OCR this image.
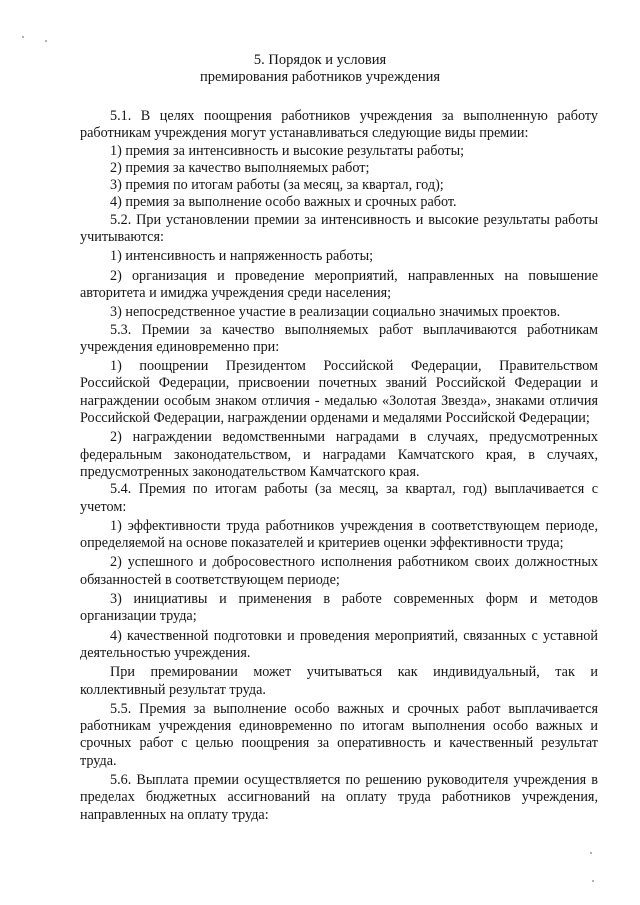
5. Порядок и условия
премирования работников учреждения

5.1. В целях поощрения работников учреждения за выполненную работу работникам учреждения могут устанавливаться следующие виды премии:

1) премия за интенсивность и высокие результаты работы;

2) премия за качество выполняемых работ;

3) премия по итогам работы (за месяц, за квартал, год);

4) премия за выполнение особо важных и срочных работ.

5.2. При установлении премии за интенсивность и высокие результаты работы учитываются:

1) интенсивность и напряженность работы;

2) организация и проведение мероприятий, направленных на повышение авторитета и имиджа учреждения среди населения;

3) непосредственное участие в реализации социально значимых проектов.

5.3. Премии за качество выполняемых работ выплачиваются работникам учреждения единовременно при:

1) поощрении Президентом Российской Федерации, Правительством Российской Федерации, присвоении почетных званий Российской Федерации и награждении особым знаком отличия - медалью «Золотая Звезда», знаками отличия Российской Федерации, награждении орденами и медалями Российской Федерации;

2) награждении ведомственными наградами в случаях, предусмотренных федеральным законодательством, и наградами Камчатского края, в случаях, предусмотренных законодательством Камчатского края.

5.4. Премия по итогам работы (за месяц, за квартал, год) выплачивается с учетом:

1) эффективности труда работников учреждения в соответствующем периоде, определяемой на основе показателей и критериев оценки эффективности труда;

2) успешного и добросовестного исполнения работником своих должностных обязанностей в соответствующем периоде;

3) инициативы и применения в работе современных форм и методов организации труда;

4) качественной подготовки и проведения мероприятий, связанных с уставной деятельностью учреждения.

При премировании может учитываться как индивидуальный, так и коллективный результат труда.

5.5. Премия за выполнение особо важных и срочных работ выплачивается работникам учреждения единовременно по итогам выполнения особо важных и срочных работ с целью поощрения за оперативность и качественный результат труда.

5.6. Выплата премии осуществляется по решению руководителя учреждения в пределах бюджетных ассигнований на оплату труда работников учреждения, направленных на оплату труда:
